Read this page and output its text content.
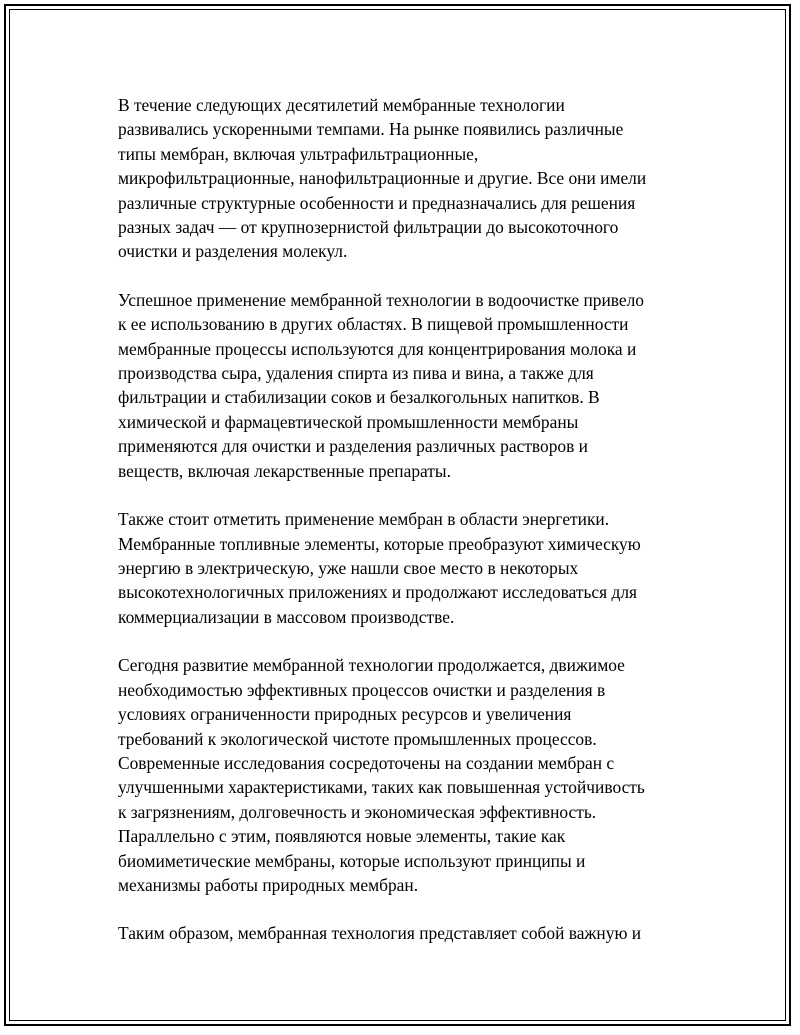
В течение следующих десятилетий мембранные технологии
развивались ускоренными темпами. На рынке появились различные
типы мембран, включая ультрафильтрационные,
микрофильтрационные, нанофильтрационные и другие. Все они имели
различные структурные особенности и предназначались для решения
разных задач — от крупнозернистой фильтрации до высокоточного
очистки и разделения молекул.

Успешное применение мембранной технологии в водоочистке привело
к ее использованию в других областях. В пищевой промышленности
мембранные процессы используются для концентрирования молока и
производства сыра, удаления спирта из пива и вина, а также для
фильтрации и стабилизации соков и безалкогольных напитков. В
химической и фармацевтической промышленности мембраны
применяются для очистки и разделения различных растворов и
веществ, включая лекарственные препараты.

Также стоит отметить применение мембран в области энергетики.
Мембранные топливные элементы, которые преобразуют химическую
энергию в электрическую, уже нашли свое место в некоторых
высокотехнологичных приложениях и продолжают исследоваться для
коммерциализации в массовом производстве.

Сегодня развитие мембранной технологии продолжается, движимое
необходимостью эффективных процессов очистки и разделения в
условиях ограниченности природных ресурсов и увеличения
требований к экологической чистоте промышленных процессов.
Современные исследования сосредоточены на создании мембран с
улучшенными характеристиками, таких как повышенная устойчивость
к загрязнениям, долговечность и экономическая эффективность.
Параллельно с этим, появляются новые элементы, такие как
биомиметические мембраны, которые используют принципы и
механизмы работы природных мембран.

Таким образом, мембранная технология представляет собой важную и
